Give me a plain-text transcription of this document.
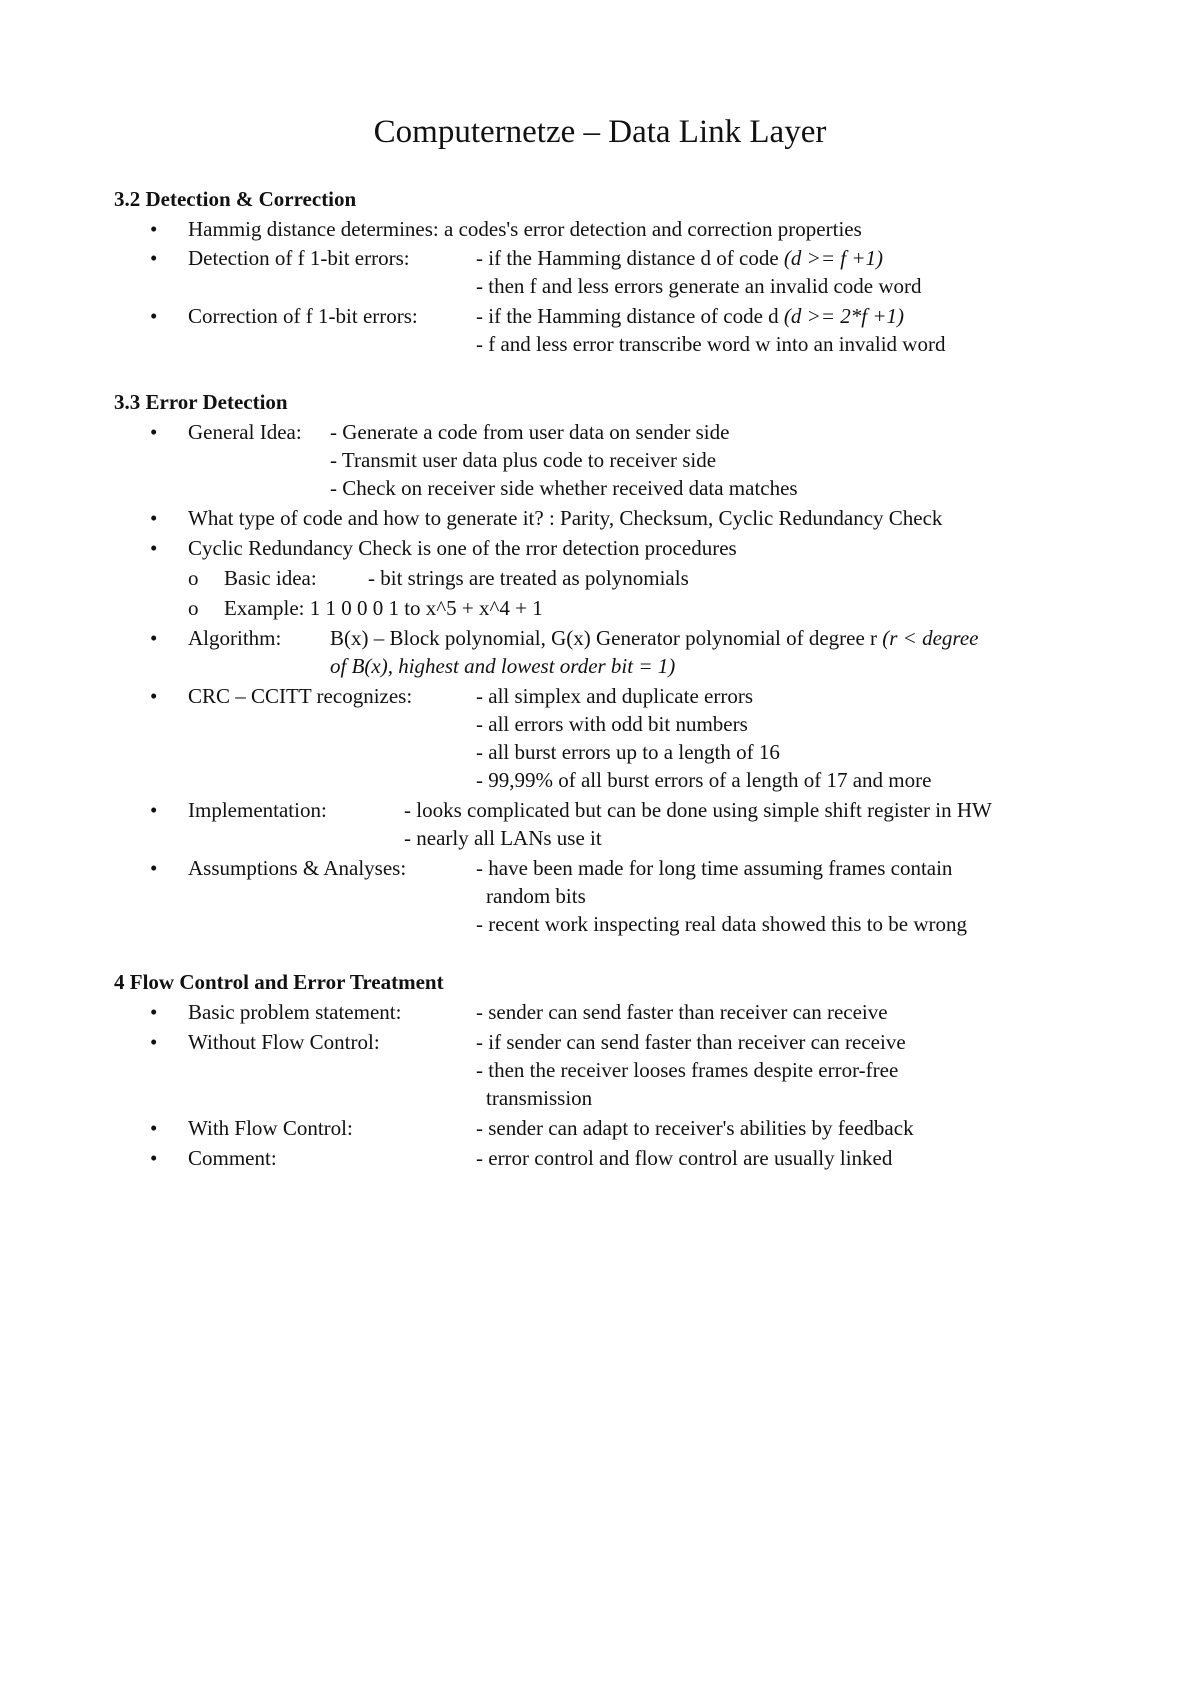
Computernetze – Data Link Layer
3.2 Detection & Correction
• Hammig distance determines: a codes's error detection and correction properties
• Detection of f 1-bit errors:	- if the Hamming distance d of code (d >= f +1)
- then f and less errors generate an invalid code word
• Correction of f 1-bit errors:	- if the Hamming distance of code d (d >= 2*f +1)
- f and less error transcribe word w into an invalid word
3.3 Error Detection
• General Idea: - Generate a code from user data on sender side
- Transmit user data plus code to receiver side
- Check on receiver side whether received data matches
• What type of code and how to generate it? : Parity, Checksum, Cyclic Redundancy Check
• Cyclic Redundancy Check is one of the rror detection procedures
o Basic idea: - bit strings are treated as polynomials
o Example: 1 1 0 0 0 1 to x^5 + x^4 + 1
• Algorithm: B(x) – Block polynomial, G(x) Generator polynomial of degree r (r < degree
of B(x), highest and lowest order bit = 1)
• CRC – CCITT recognizes:	- all simplex and duplicate errors
- all errors with odd bit numbers
- all burst errors up to a length of 16
- 99,99% of all burst errors of a length of 17 and more
• Implementation:	- looks complicated but can be done using simple shift register in HW
- nearly all LANs use it
• Assumptions & Analyses:	- have been made for long time assuming frames contain
random bits
- recent work inspecting real data showed this to be wrong
4 Flow Control and Error Treatment
• Basic problem statement:	- sender can send faster than receiver can receive
• Without Flow Control:	- if sender can send faster than receiver can receive
- then the receiver looses frames despite error-free
transmission
• With Flow Control:	- sender can adapt to receiver's abilities by feedback
• Comment:	- error control and flow control are usually linked
